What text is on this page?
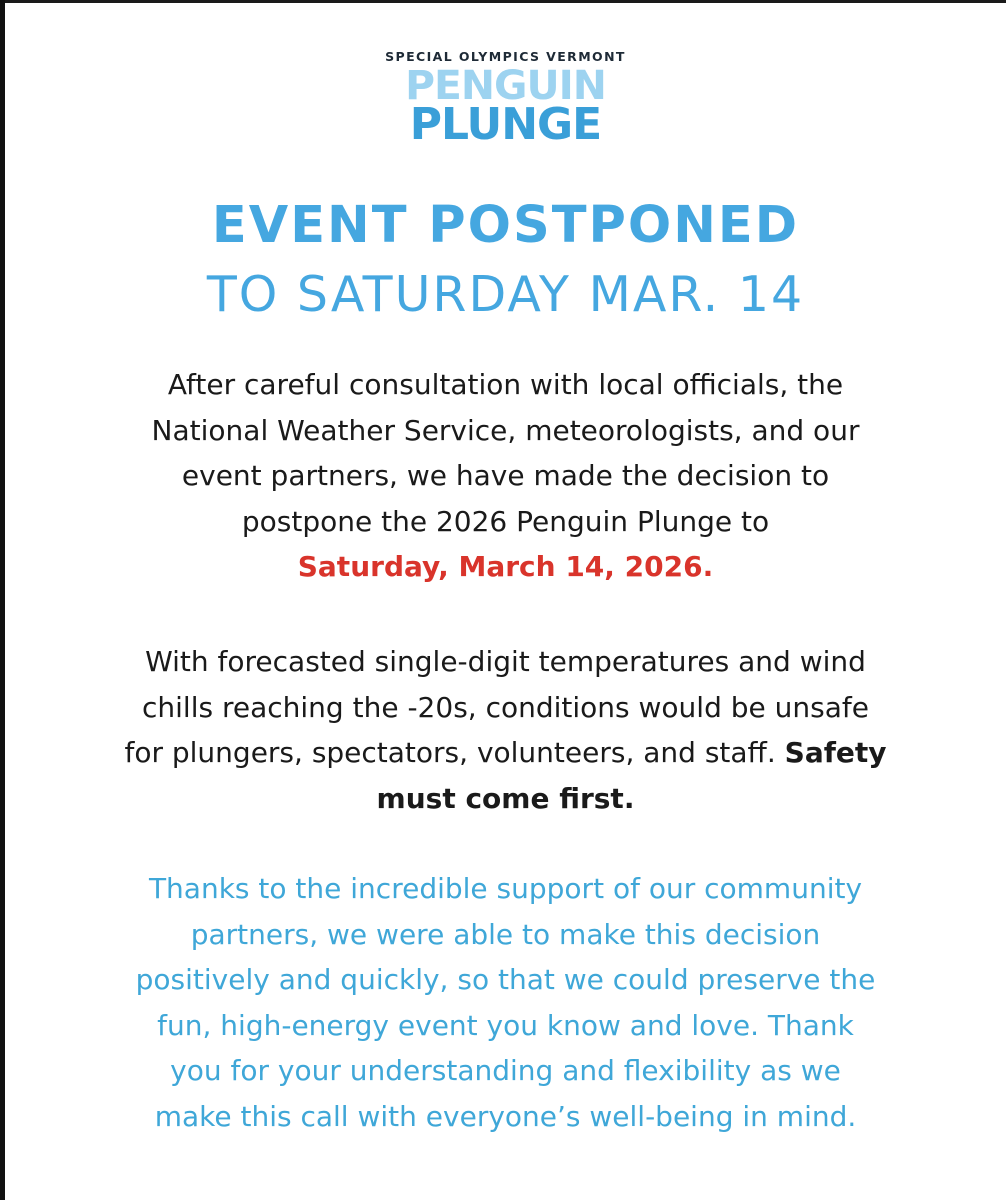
SPECIAL OLYMPICS VERMONT
PENGUIN
PLUNGE
EVENT POSTPONED
TO SATURDAY MAR. 14
After careful consultation with local officials, the
National Weather Service, meteorologists, and our
event partners, we have made the decision to
postpone the 2026 Penguin Plunge to
Saturday, March 14, 2026.
With forecasted single-digit temperatures and wind
chills reaching the -20s, conditions would be unsafe
for plungers, spectators, volunteers, and staff. Safety
must come first.
Thanks to the incredible support of our community
partners, we were able to make this decision
positively and quickly, so that we could preserve the
fun, high-energy event you know and love. Thank
you for your understanding and flexibility as we
make this call with everyone’s well-being in mind.
